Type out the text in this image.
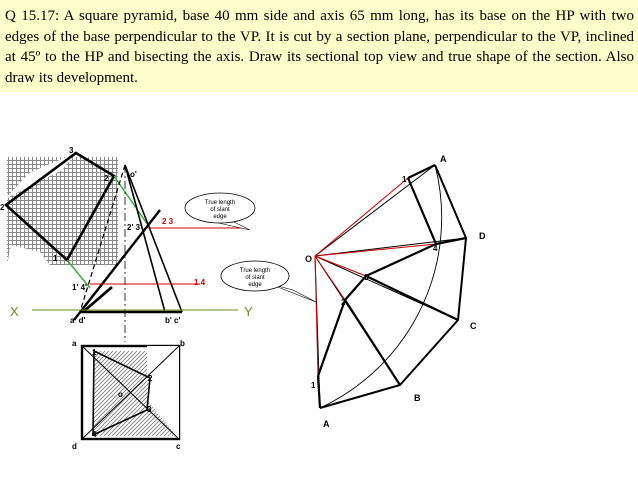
Q 15.17: A square pyramid, base 40 mm side and axis 65 mm long, has its base on the HP with two edges of the base perpendicular to the VP. It is cut by a section plane, perpendicular to the VP, inclined at 45º to the HP and bisecting the axis. Draw its sectional top view and true shape of the section. Also draw its development.
3
2
2
1
o'
2' 3'
2 3
1' 4'
1 4
a' d'	b' c'
X	Y
a	b
c
d
o
1
2
3
4
True length
of slant
edge
True length
of slant
edge
A
D
C
B
A
O
1
4
3
2
1
